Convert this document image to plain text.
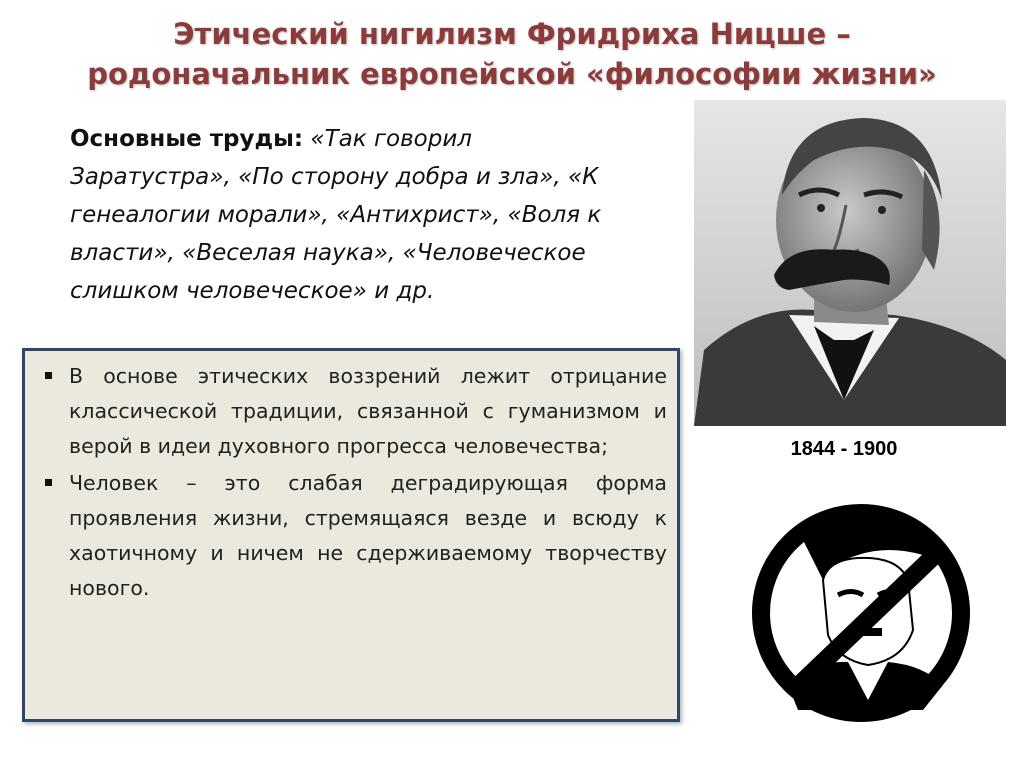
Этический нигилизм Фридриха Ницше –
родоначальник европейской «философии жизни»
Основные труды: «Так говорил Заратустра», «По сторону добра и зла», «К генеалогии морали», «Антихрист», «Воля к власти», «Веселая наука», «Человеческое слишком человеческое» и др.
В основе этических воззрений лежит отрицание классической традиции, связанной с гуманизмом и верой в идеи духовного прогресса человечества;
Человек – это слабая деградирующая форма проявления жизни, стремящаяся везде и всюду к хаотичному и ничем не сдерживаемому творчеству нового.
1844 - 1900
